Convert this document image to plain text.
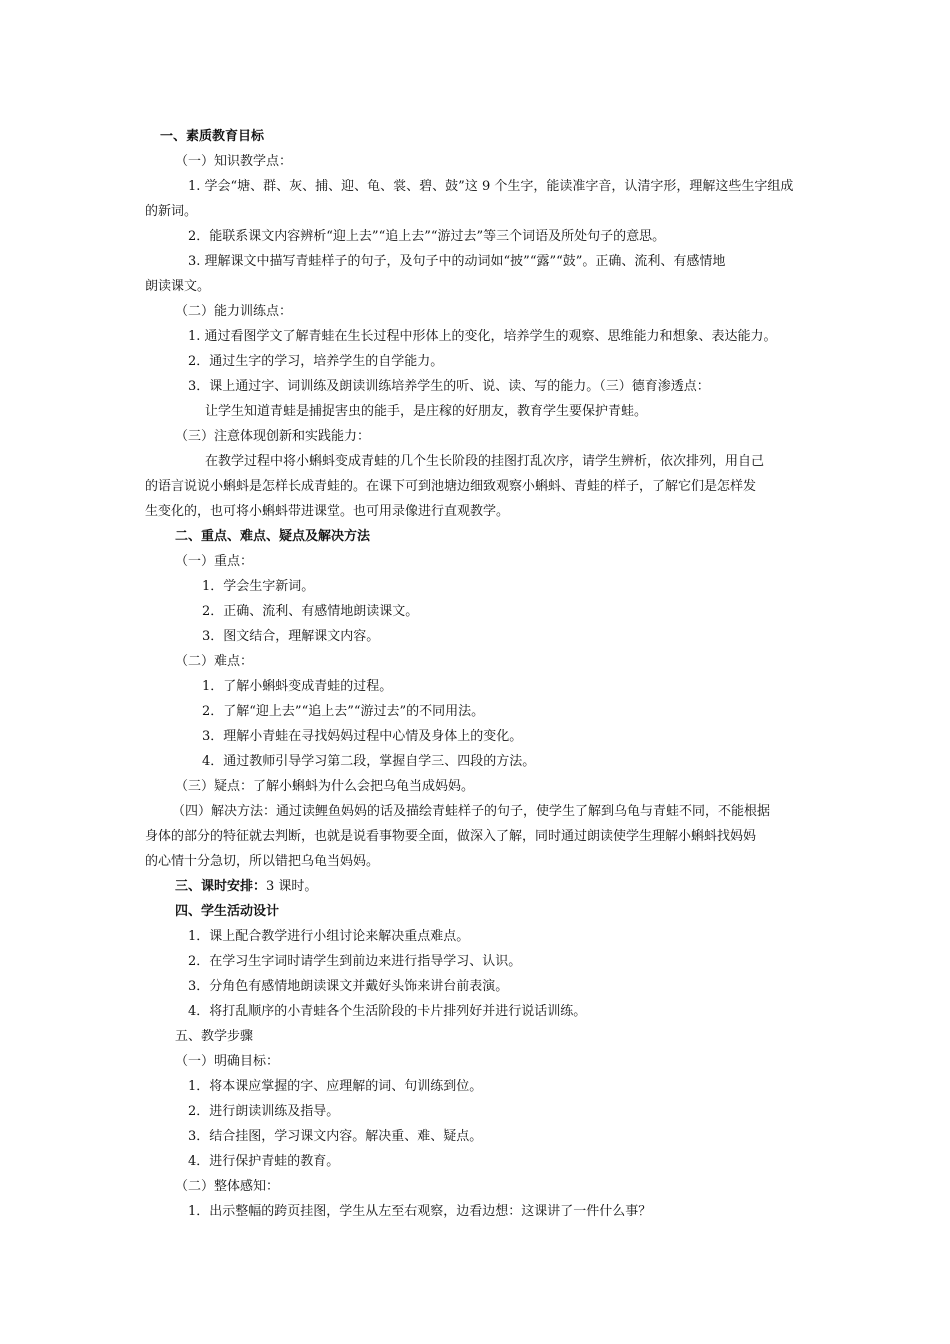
一、素质教育目标
（一）知识教学点：
1. 学会“塘、群、灰、捕、迎、龟、裳、碧、鼓”这 9 个生字，能读准字音，认清字形，理解这些生字组成
的新词。
2．能联系课文内容辨析“迎上去”“追上去”“游过去”等三个词语及所处句子的意思。
3. 理解课文中描写青蛙样子的句子，及句子中的动词如“披”“露”“鼓”。正确、流利、有感情地
朗读课文。
（二）能力训练点：
1. 通过看图学文了解青蛙在生长过程中形体上的变化，培养学生的观察、思维能力和想象、表达能力。
2．通过生字的学习，培养学生的自学能力。
3．课上通过字、词训练及朗读训练培养学生的听、说、读、写的能力。（三）德育渗透点：
让学生知道青蛙是捕捉害虫的能手，是庄稼的好朋友，教育学生要保护青蛙。
（三）注意体现创新和实践能力：
在教学过程中将小蝌蚪变成青蛙的几个生长阶段的挂图打乱次序，请学生辨析，依次排列，用自己
的语言说说小蝌蚪是怎样长成青蛙的。在课下可到池塘边细致观察小蝌蚪、青蛙的样子，了解它们是怎样发
生变化的，也可将小蝌蚪带进课堂。也可用录像进行直观教学。
二、重点、难点、疑点及解决方法
（一）重点：
1．学会生字新词。
2．正确、流利、有感情地朗读课文。
3．图文结合，理解课文内容。
（二）难点：
1．了解小蝌蚪变成青蛙的过程。
2．了解“迎上去”“追上去”“游过去”的不同用法。
3．理解小青蛙在寻找妈妈过程中心情及身体上的变化。
4．通过教师引导学习第二段，掌握自学三、四段的方法。
（三）疑点：了解小蝌蚪为什么会把乌龟当成妈妈。
（四）解决方法：通过读鲤鱼妈妈的话及描绘青蛙样子的句子，使学生了解到乌龟与青蛙不同，不能根据
身体的部分的特征就去判断，也就是说看事物要全面，做深入了解，同时通过朗读使学生理解小蝌蚪找妈妈
的心情十分急切，所以错把乌龟当妈妈。
三、课时安排：3 课时。
四、学生活动设计
1．课上配合教学进行小组讨论来解决重点难点。
2．在学习生字词时请学生到前边来进行指导学习、认识。
3．分角色有感情地朗读课文并戴好头饰来讲台前表演。
4．将打乱顺序的小青蛙各个生活阶段的卡片排列好并进行说话训练。
五、教学步骤
（一）明确目标：
1．将本课应掌握的字、应理解的词、句训练到位。
2．进行朗读训练及指导。
3．结合挂图，学习课文内容。解决重、难、疑点。
4．进行保护青蛙的教育。
（二）整体感知：
1．出示整幅的跨页挂图，学生从左至右观察，边看边想：这课讲了一件什么事？
